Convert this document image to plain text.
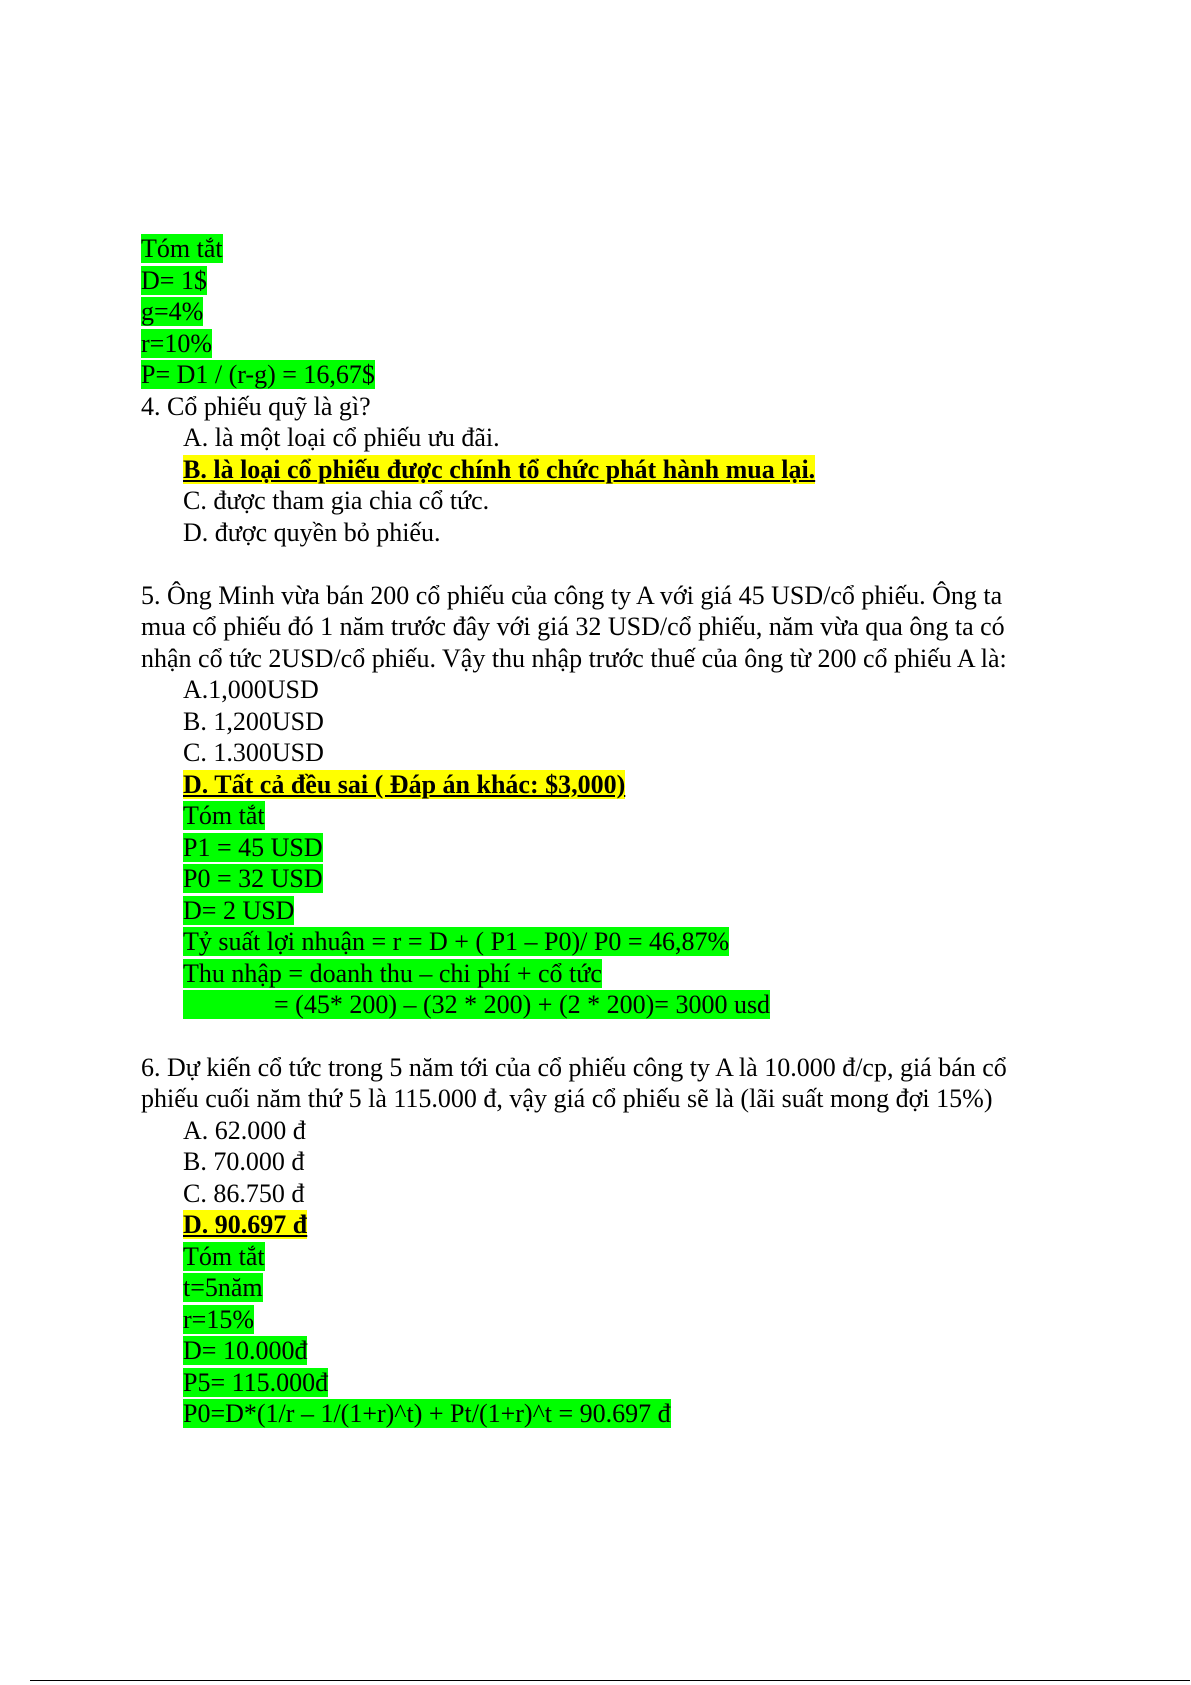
Tóm tắt
D= 1$
g=4%
r=10%
P= D1 / (r-g) = 16,67$
4. Cổ phiếu quỹ là gì?
A. là một loại cổ phiếu ưu đãi.
B. là loại cổ phiếu được chính tổ chức phát hành mua lại.
C. được tham gia chia cổ tức.
D. được quyền bỏ phiếu.
5. Ông Minh vừa bán 200 cổ phiếu của công ty A với giá 45 USD/cổ phiếu. Ông ta
mua cổ phiếu đó 1 năm trước đây với giá 32 USD/cổ phiếu, năm vừa qua ông ta có
nhận cổ tức 2USD/cổ phiếu. Vậy thu nhập trước thuế của ông từ 200 cổ phiếu A là:
A.1,000USD
B. 1,200USD
C. 1.300USD
D. Tất cả đều sai ( Đáp án khác: $3,000)
Tóm tắt
P1 = 45 USD
P0 = 32 USD
D= 2 USD
Tỷ suất lợi nhuận = r = D + ( P1 – P0)/ P0 = 46,87%
Thu nhập = doanh thu – chi phí + cổ tức
= (45* 200) – (32 * 200) + (2 * 200)= 3000 usd
6. Dự kiến cổ tức trong 5 năm tới của cổ phiếu công ty A là 10.000 đ/cp, giá bán cổ
phiếu cuối năm thứ 5 là 115.000 đ, vậy giá cổ phiếu sẽ là (lãi suất mong đợi 15%)
A. 62.000 đ
B. 70.000 đ
C. 86.750 đ
D. 90.697 đ
Tóm tắt
t=5năm
r=15%
D= 10.000đ
P5= 115.000đ
P0=D*(1/r – 1/(1+r)^t) + Pt/(1+r)^t = 90.697 đ
